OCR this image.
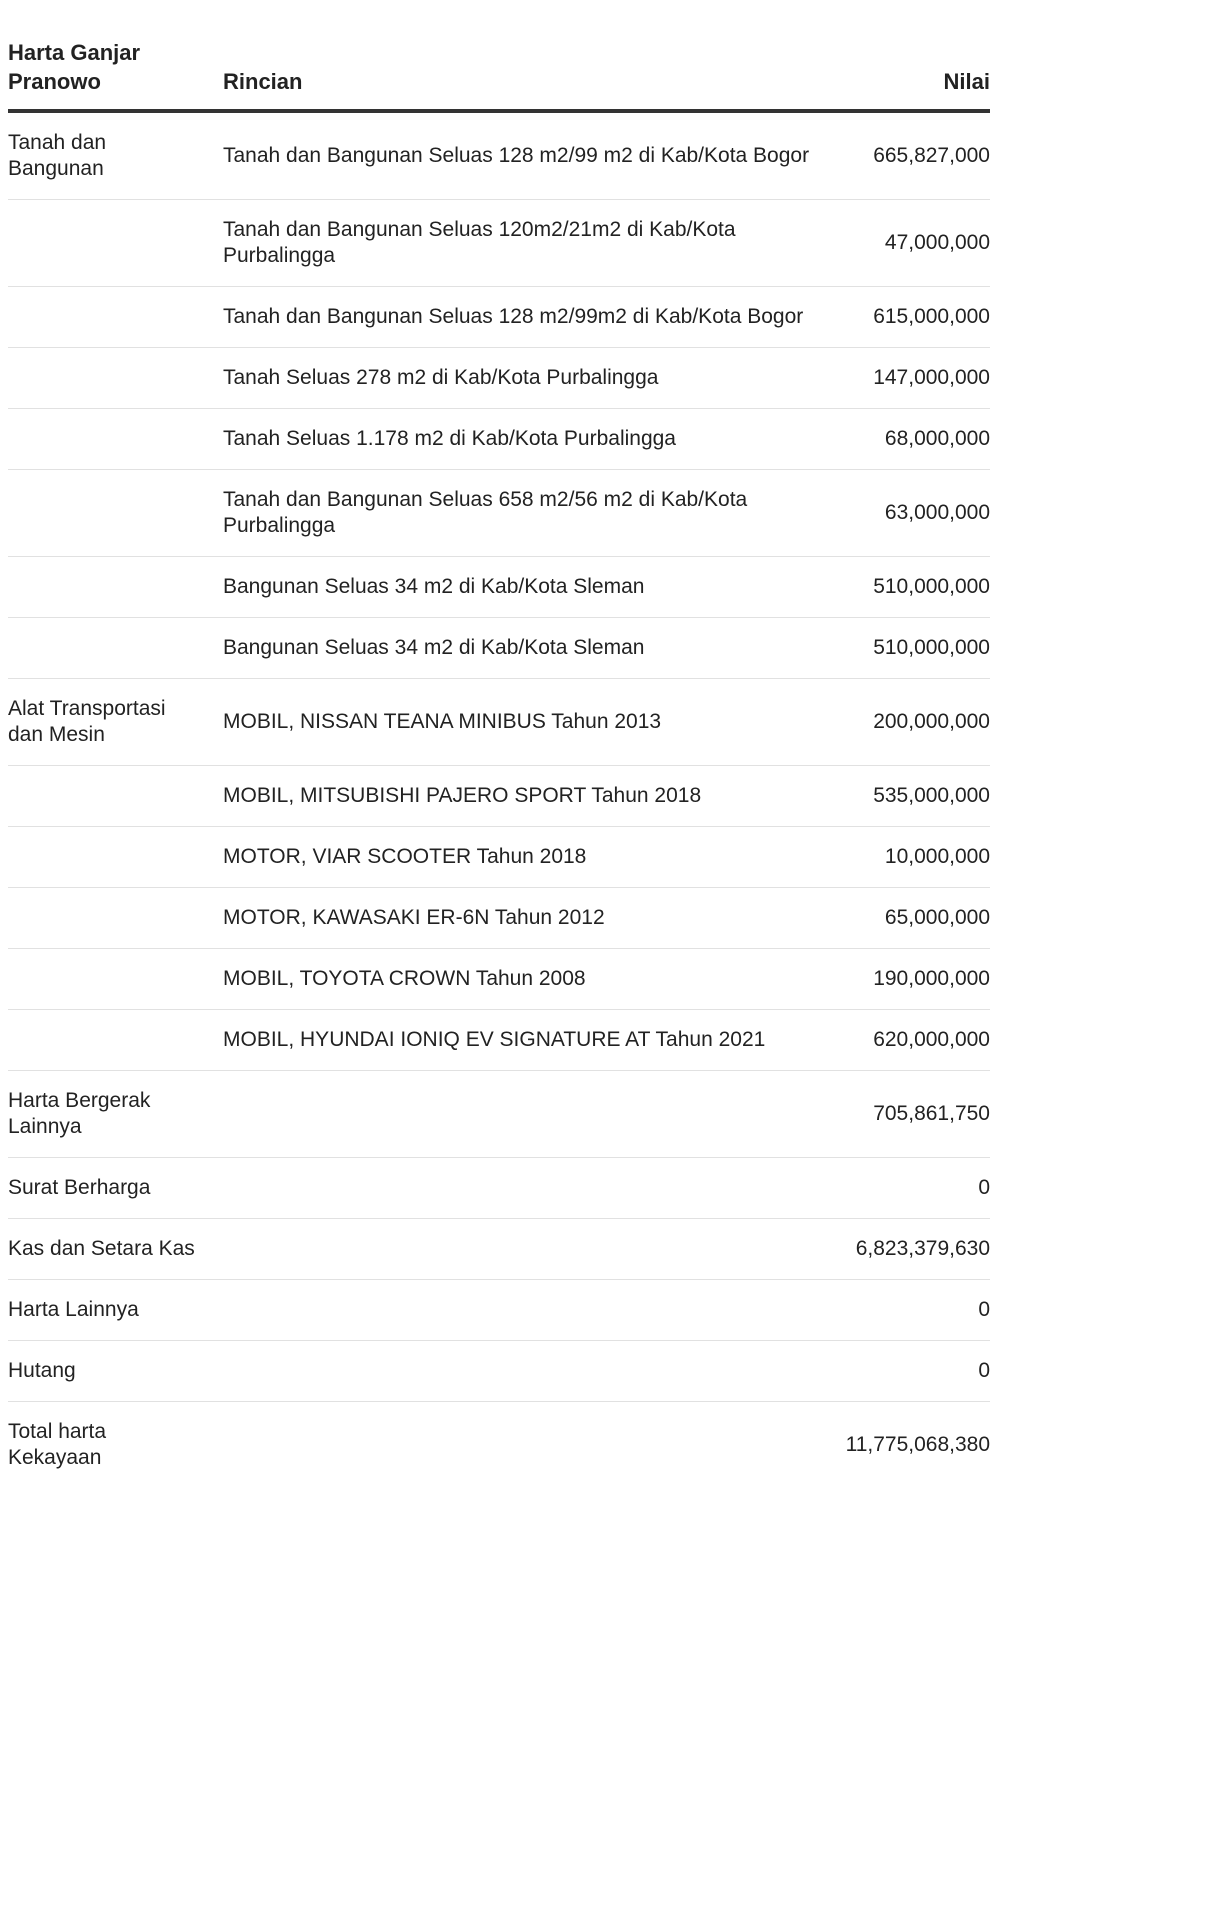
Harta Ganjar Pranowo	Rincian	Nilai
Tanah dan Bangunan	Tanah dan Bangunan Seluas 128 m2/99 m2 di Kab/Kota Bogor	665,827,000
	Tanah dan Bangunan Seluas 120m2/21m2 di Kab/Kota Purbalingga	47,000,000
	Tanah dan Bangunan Seluas 128 m2/99m2 di Kab/Kota Bogor	615,000,000
	Tanah Seluas 278 m2 di Kab/Kota Purbalingga	147,000,000
	Tanah Seluas 1.178 m2 di Kab/Kota Purbalingga	68,000,000
	Tanah dan Bangunan Seluas 658 m2/56 m2 di Kab/Kota Purbalingga	63,000,000
	Bangunan Seluas 34 m2 di Kab/Kota Sleman	510,000,000
	Bangunan Seluas 34 m2 di Kab/Kota Sleman	510,000,000
Alat Transportasi dan Mesin	MOBIL, NISSAN TEANA MINIBUS Tahun 2013	200,000,000
	MOBIL, MITSUBISHI PAJERO SPORT Tahun 2018	535,000,000
	MOTOR, VIAR SCOOTER Tahun 2018	10,000,000
	MOTOR, KAWASAKI ER-6N Tahun 2012	65,000,000
	MOBIL, TOYOTA CROWN Tahun 2008	190,000,000
	MOBIL, HYUNDAI IONIQ EV SIGNATURE AT Tahun 2021	620,000,000
Harta Bergerak Lainnya		705,861,750
Surat Berharga		0
Kas dan Setara Kas		6,823,379,630
Harta Lainnya		0
Hutang		0
Total harta Kekayaan		11,775,068,380
